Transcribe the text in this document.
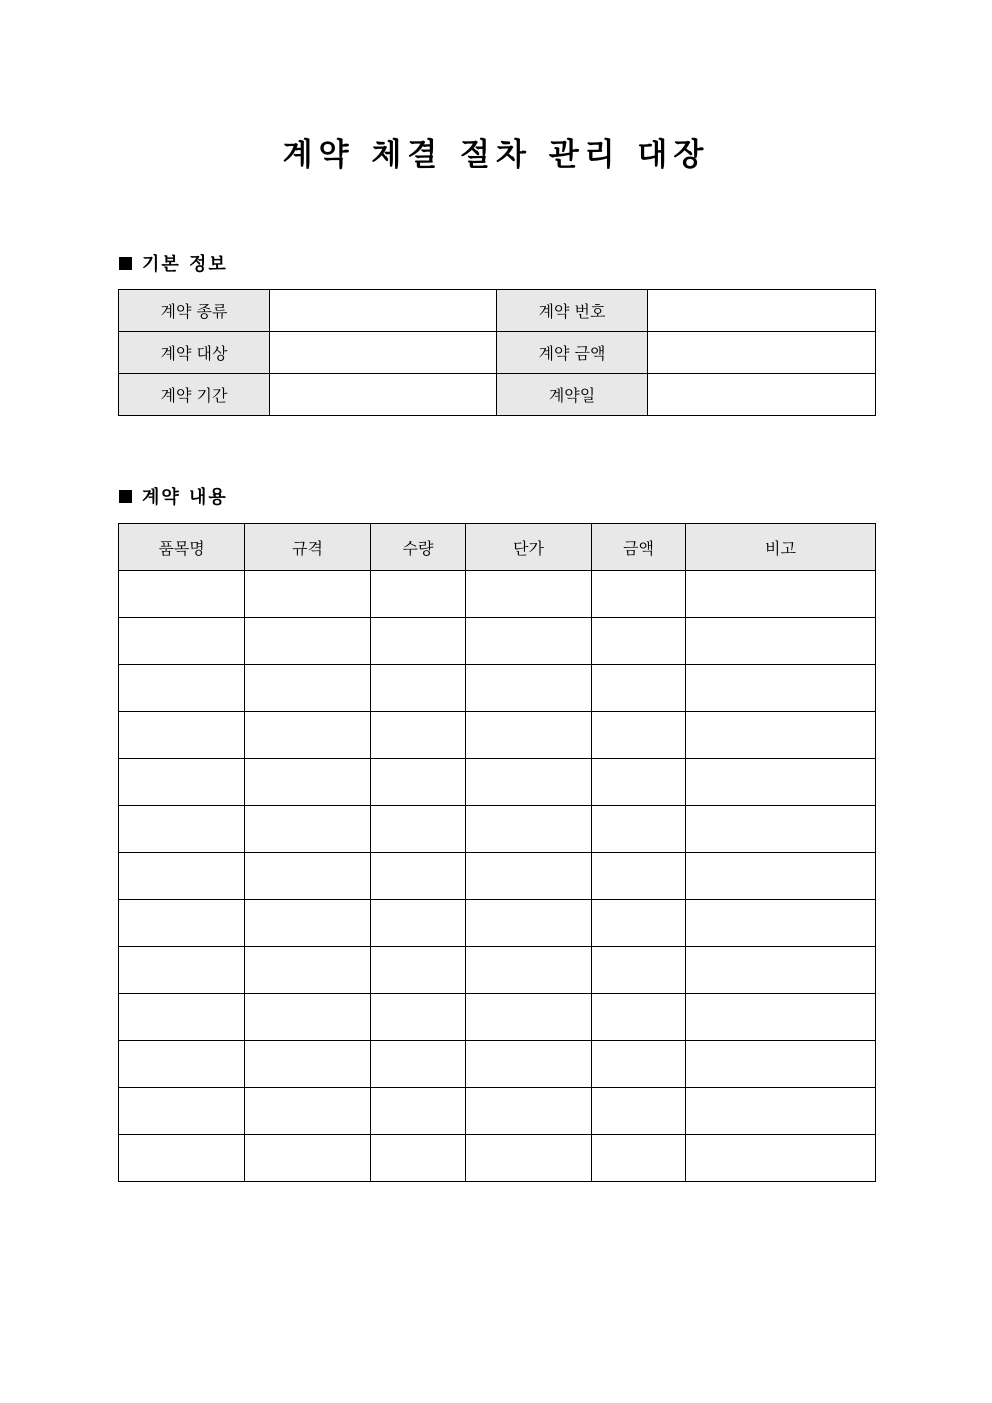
계약 체결 절차 관리 대장
기본 정보
계약 종류		계약 번호	
계약 대상		계약 금액	
계약 기간		계약일	
계약 내용
품목명	규격	수량	단가	금액	비고
